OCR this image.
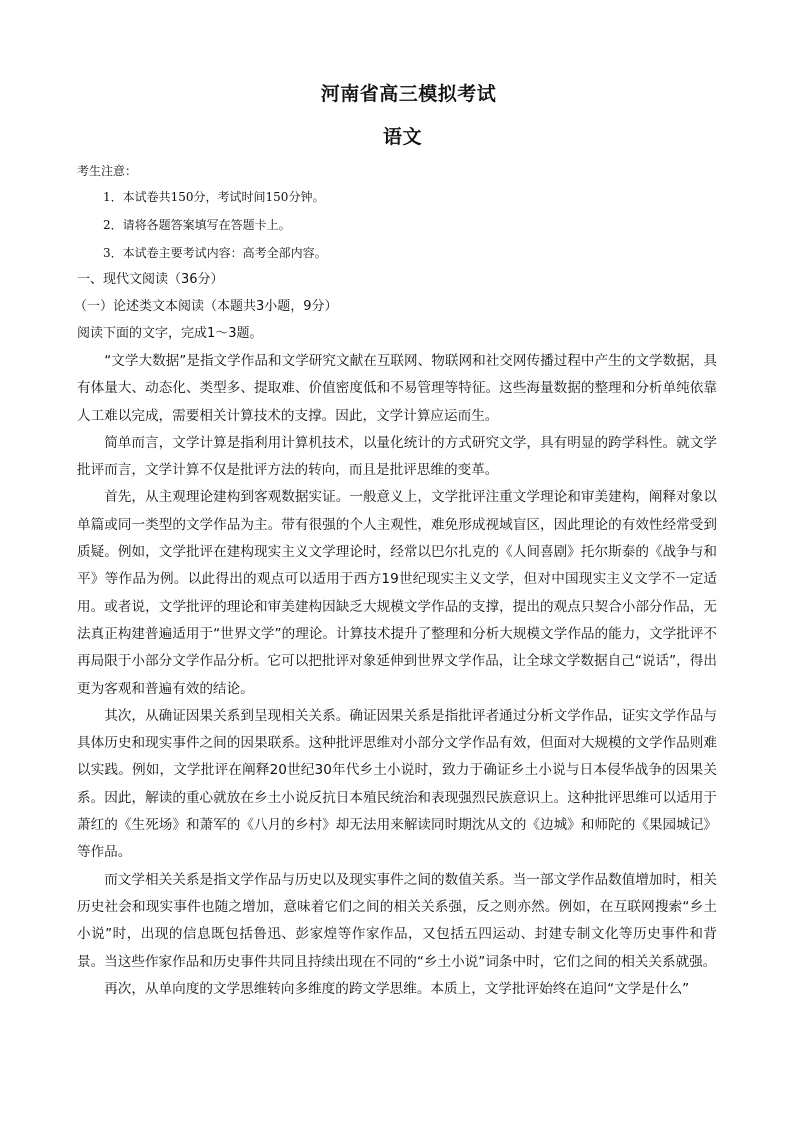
河南省高三模拟考试
语文
考生注意：
1．本试卷共150分，考试时间150分钟。
2．请将各题答案填写在答题卡上。
3．本试卷主要考试内容：高考全部内容。
一、现代文阅读（36分）
（一）论述类文本阅读（本题共3小题，9分）
阅读下面的文字，完成1～3题。

“文学大数据”是指文学作品和文学研究文献在互联网、物联网和社交网传播过程中产生的文学数据，具有体量大、动态化、类型多、提取难、价值密度低和不易管理等特征。这些海量数据的整理和分析单纯依靠人工难以完成，需要相关计算技术的支撑。因此，文学计算应运而生。

简单而言，文学计算是指利用计算机技术，以量化统计的方式研究文学，具有明显的跨学科性。就文学批评而言，文学计算不仅是批评方法的转向，而且是批评思维的变革。

首先，从主观理论建构到客观数据实证。一般意义上，文学批评注重文学理论和审美建构，阐释对象以单篇或同一类型的文学作品为主。带有很强的个人主观性，难免形成视域盲区，因此理论的有效性经常受到质疑。例如，文学批评在建构现实主义文学理论时，经常以巴尔扎克的《人间喜剧》托尔斯泰的《战争与和平》等作品为例。以此得出的观点可以适用于西方19世纪现实主义文学，但对中国现实主义文学不一定适用。或者说，文学批评的理论和审美建构因缺乏大规模文学作品的支撑，提出的观点只契合小部分作品，无法真正构建普遍适用于“世界文学”的理论。计算技术提升了整理和分析大规模文学作品的能力，文学批评不再局限于小部分文学作品分析。它可以把批评对象延伸到世界文学作品，让全球文学数据自己“说话”，得出更为客观和普遍有效的结论。

其次，从确证因果关系到呈现相关关系。确证因果关系是指批评者通过分析文学作品，证实文学作品与具体历史和现实事件之间的因果联系。这种批评思维对小部分文学作品有效，但面对大规模的文学作品则难以实践。例如，文学批评在阐释20世纪30年代乡土小说时，致力于确证乡土小说与日本侵华战争的因果关系。因此，解读的重心就放在乡土小说反抗日本殖民统治和表现强烈民族意识上。这种批评思维可以适用于萧红的《生死场》和萧军的《八月的乡村》却无法用来解读同时期沈从文的《边城》和师陀的《果园城记》等作品。

而文学相关关系是指文学作品与历史以及现实事件之间的数值关系。当一部文学作品数值增加时，相关历史社会和现实事件也随之增加，意味着它们之间的相关关系强，反之则亦然。例如，在互联网搜索“乡土小说”时，出现的信息既包括鲁迅、彭家煌等作家作品，又包括五四运动、封建专制文化等历史事件和背景。当这些作家作品和历史事件共同且持续出现在不同的“乡土小说”词条中时，它们之间的相关关系就强。

再次，从单向度的文学思维转向多维度的跨文学思维。本质上，文学批评始终在追问“文学是什么”
